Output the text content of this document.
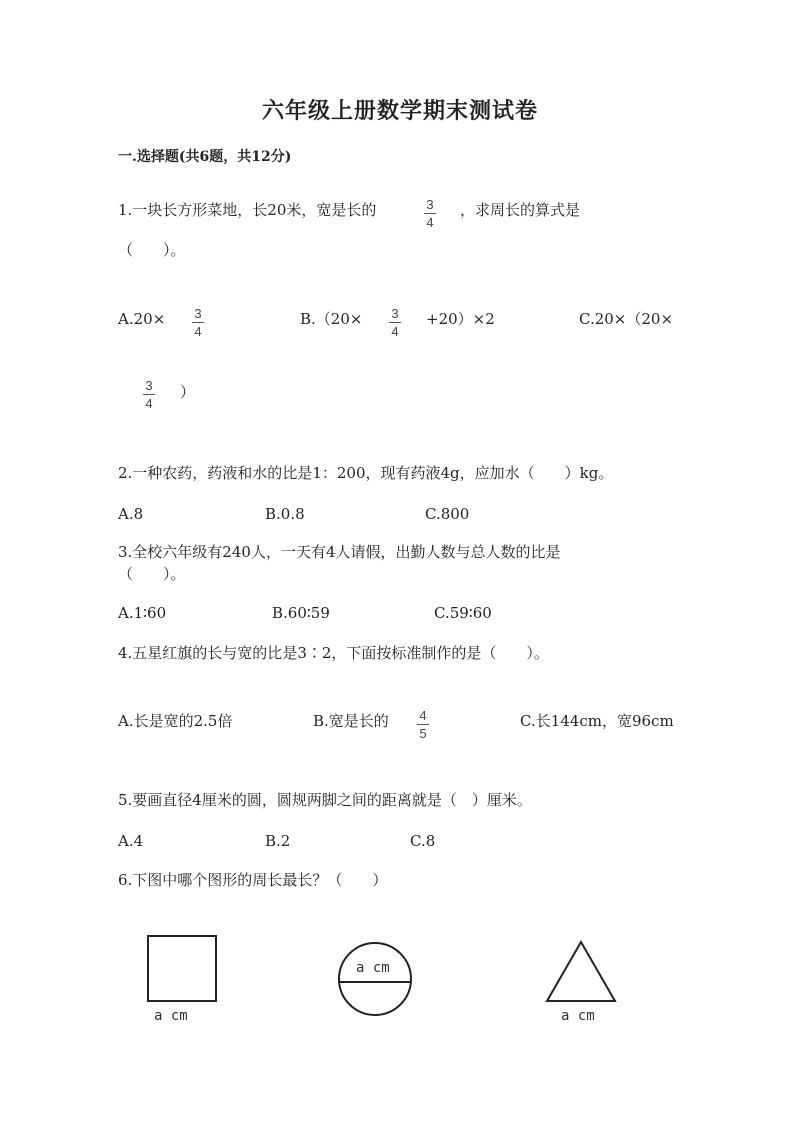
六年级上册数学期末测试卷
一.选择题(共6题，共12分)
1.一块长方形菜地，长20米，宽是长的	3
4
，求周长的算式是
（　　）。
A.20× 3
4
B.（20× 3
4
+20）×2	C.20×（20×
3
4
）
2.一种农药，药液和水的比是1：200，现有药液4g，应加水（　　）kg。
A.8	B.0.8	C.800
3.全校六年级有240人，一天有4人请假，出勤人数与总人数的比是
（　　）。
A.1∶60	B.60∶59	C.59∶60
4.五星红旗的长与宽的比是3∶2，下面按标准制作的是（　　）。
A.长是宽的2.5倍	B.宽是长的 4
5
C.长144cm，宽96cm
5.要画直径4厘米的圆，圆规两脚之间的距离就是（　）厘米。
A.4	B.2	C.8
6.下图中哪个图形的周长最长？（　　）
a cm
a cm
a cm
